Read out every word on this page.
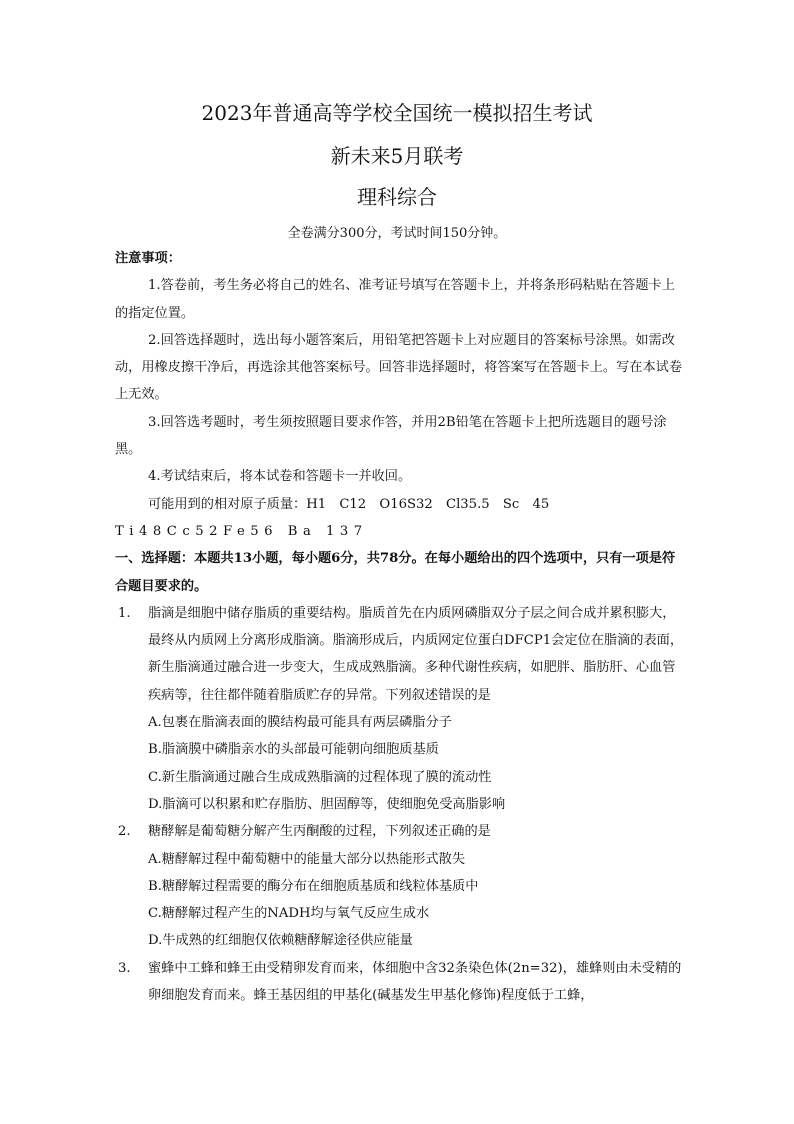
2023年普通高等学校全国统一模拟招生考试
新未来5月联考
理科综合
全卷满分300分，考试时间150分钟。

注意事项：

1.答卷前，考生务必将自己的姓名、准考证号填写在答题卡上，并将条形码粘贴在答题卡上的指定位置。

2.回答选择题时，选出每小题答案后，用铅笔把答题卡上对应题目的答案标号涂黑。如需改动，用橡皮擦干净后，再选涂其他答案标号。回答非选择题时，将答案写在答题卡上。写在本试卷上无效。

3.回答选考题时，考生须按照题目要求作答，并用2B铅笔在答题卡上把所选题目的题号涂黑。

4.考试结束后，将本试卷和答题卡一并收回。

可能用到的相对原子质量：H1　C12　O16S32　Cl35.5　Sc　45

Ti48Cc52Fe56 Ba 137

一、选择题：本题共13小题，每小题6分，共78分。在每小题给出的四个选项中，只有一项是符合题目要求的。

1. 脂滴是细胞中储存脂质的重要结构。脂质首先在内质网磷脂双分子层之间合成并累积膨大，最终从内质网上分离形成脂滴。脂滴形成后，内质网定位蛋白DFCP1会定位在脂滴的表面，新生脂滴通过融合进一步变大，生成成熟脂滴。多种代谢性疾病，如肥胖、脂肪肝、心血管疾病等，往往都伴随着脂质贮存的异常。下列叙述错误的是

A.包裹在脂滴表面的膜结构最可能具有两层磷脂分子

B.脂滴膜中磷脂亲水的头部最可能朝向细胞质基质

C.新生脂滴通过融合生成成熟脂滴的过程体现了膜的流动性

D.脂滴可以积累和贮存脂肪、胆固醇等，使细胞免受高脂影响

2. 糖酵解是葡萄糖分解产生丙酮酸的过程，下列叙述正确的是

A.糖酵解过程中葡萄糖中的能量大部分以热能形式散失

B.糖酵解过程需要的酶分布在细胞质基质和线粒体基质中

C.糖酵解过程产生的NADH均与氧气反应生成水

D.牛成熟的红细胞仅依赖糖酵解途径供应能量

3. 蜜蜂中工蜂和蜂王由受精卵发育而来，体细胞中含32条染色体(2n=32)，雄蜂则由未受精的卵细胞发育而来。蜂王基因组的甲基化(碱基发生甲基化修饰)程度低于工蜂，
